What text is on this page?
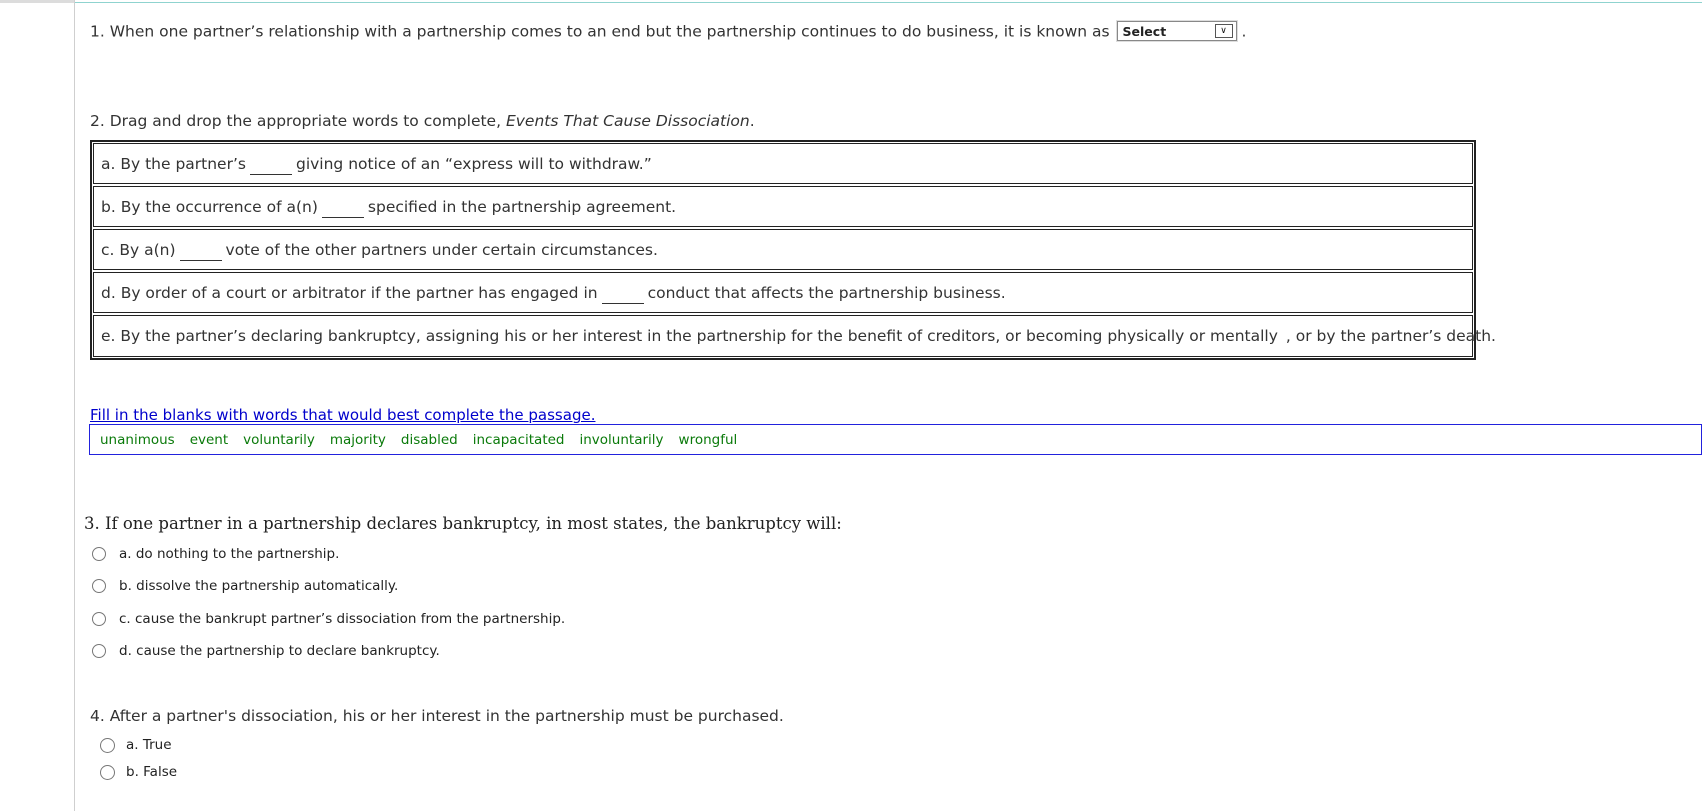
1. When one partner’s relationship with a partnership comes to an end but the partnership continues to do business, it is known as Select	∨ .
2. Drag and drop the appropriate words to complete, Events That Cause Dissociation.
a. By the partner’s	giving notice of an “express will to withdraw.”
b. By the occurrence of a(n)	specified in the partnership agreement.
c. By a(n)	vote of the other partners under certain circumstances.
d. By order of a court or arbitrator if the partner has engaged in	conduct that affects the partnership business.
e. By the partner’s declaring bankruptcy, assigning his or her interest in the partnership for the benefit of creditors, or becoming physically or mentally , or by the partner’s death.
Fill in the blanks with words that would best complete the passage.
unanimous event voluntarily majority disabled incapacitated involuntarily wrongful
3. If one partner in a partnership declares bankruptcy, in most states, the bankruptcy will:
a. do nothing to the partnership.
b. dissolve the partnership automatically.
c. cause the bankrupt partner’s dissociation from the partnership.
d. cause the partnership to declare bankruptcy.
4. After a partner's dissociation, his or her interest in the partnership must be purchased.
a. True
b. False
